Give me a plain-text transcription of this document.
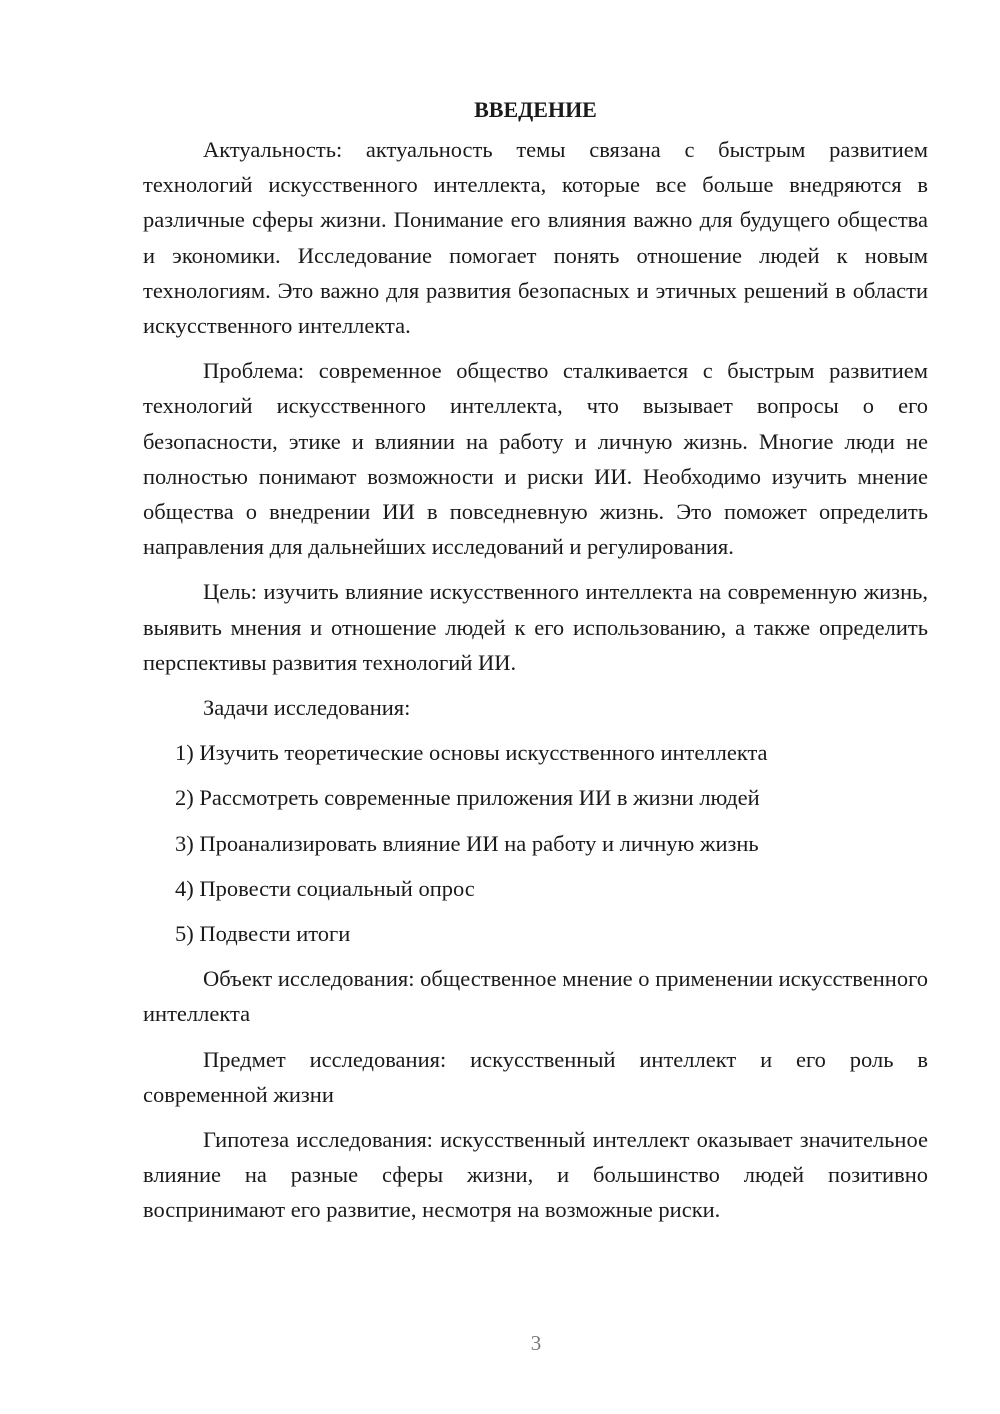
ВВЕДЕНИЕ

Актуальность: актуальность темы связана с быстрым развитием технологий искусственного интеллекта, которые все больше внедряются в различные сферы жизни. Понимание его влияния важно для будущего общества и экономики. Исследование помогает понять отношение людей к новым технологиям. Это важно для развития безопасных и этичных решений в области искусственного интеллекта.

Проблема: современное общество сталкивается с быстрым развитием технологий искусственного интеллекта, что вызывает вопросы о его безопасности, этике и влиянии на работу и личную жизнь. Многие люди не полностью понимают возможности и риски ИИ. Необходимо изучить мнение общества о внедрении ИИ в повседневную жизнь. Это поможет определить направления для дальнейших исследований и регулирования.

Цель: изучить влияние искусственного интеллекта на современную жизнь, выявить мнения и отношение людей к его использованию, а также определить перспективы развития технологий ИИ.

Задачи исследования:

1) Изучить теоретические основы искусственного интеллекта
2) Рассмотреть современные приложения ИИ в жизни людей
3) Проанализировать влияние ИИ на работу и личную жизнь
4) Провести социальный опрос
5) Подвести итоги

Объект исследования: общественное мнение о применении искусственного интеллекта

Предмет исследования: искусственный интеллект и его роль в современной жизни

Гипотеза исследования: искусственный интеллект оказывает значительное влияние на разные сферы жизни, и большинство людей позитивно воспринимают его развитие, несмотря на возможные риски.

3
